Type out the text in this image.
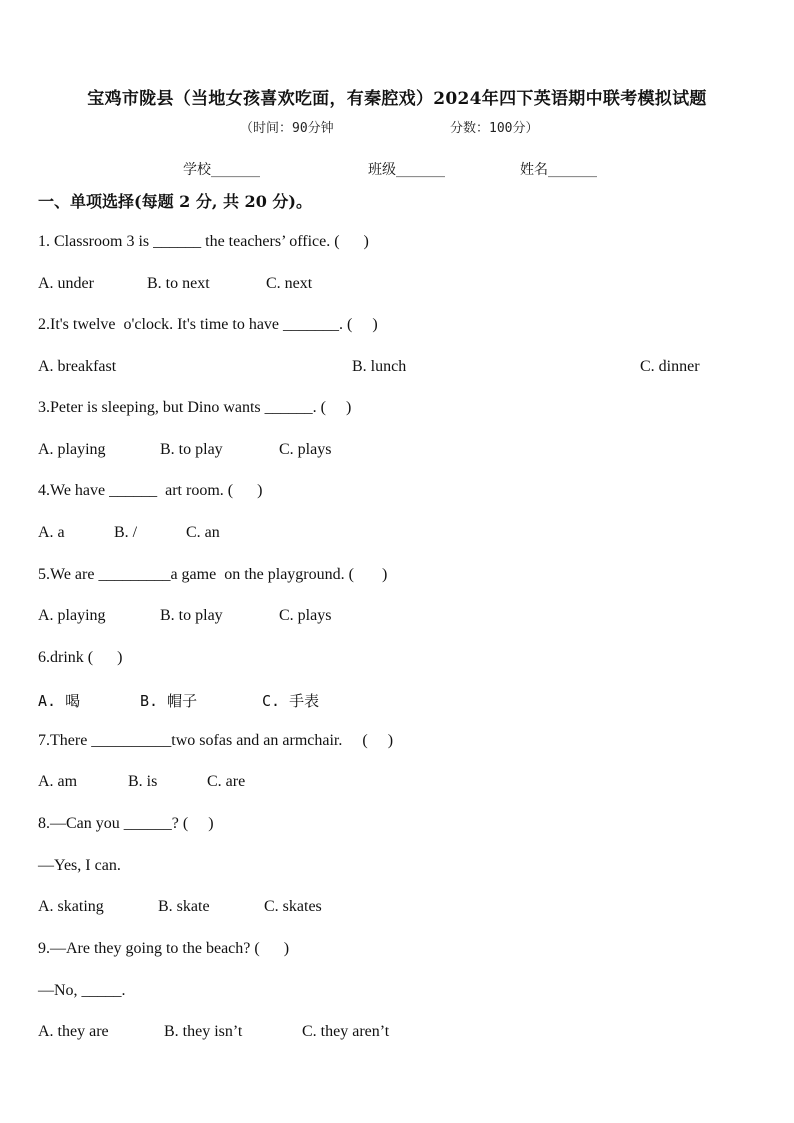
宝鸡市陇县（当地女孩喜欢吃面，有秦腔戏）2024年四下英语期中联考模拟试题
（时间：90分钟	分数：100分）
学校_______	班级_______	姓名_______
一、单项选择(每题 2 分, 共 20 分)。
1. Classroom 3 is ______ the teachers’ office. (      )
A. under	B. to next	C. next
2.It's twelve  o'clock. It's time to have _______. (     )
A. breakfast	B. lunch	C. dinner
3.Peter is sleeping, but Dino wants ______. (     )
A. playing	B. to play	C. plays
4.We have ______  art room. (      )
A. a	B. /	C. an
5.We are _________a game  on the playground. (       )
A. playing	B. to play	C. plays
6.drink (      )
A. 喝	B. 帽子	C. 手表
7.There __________two sofas and an armchair.     (     )
A. am	B. is	C. are
8.—Can you ______? (     )
—Yes, I can.
A. skating	B. skate	C. skates
9.—Are they going to the beach? (      )
—No, _____.
A. they are	B. they isn’t	C. they aren’t
